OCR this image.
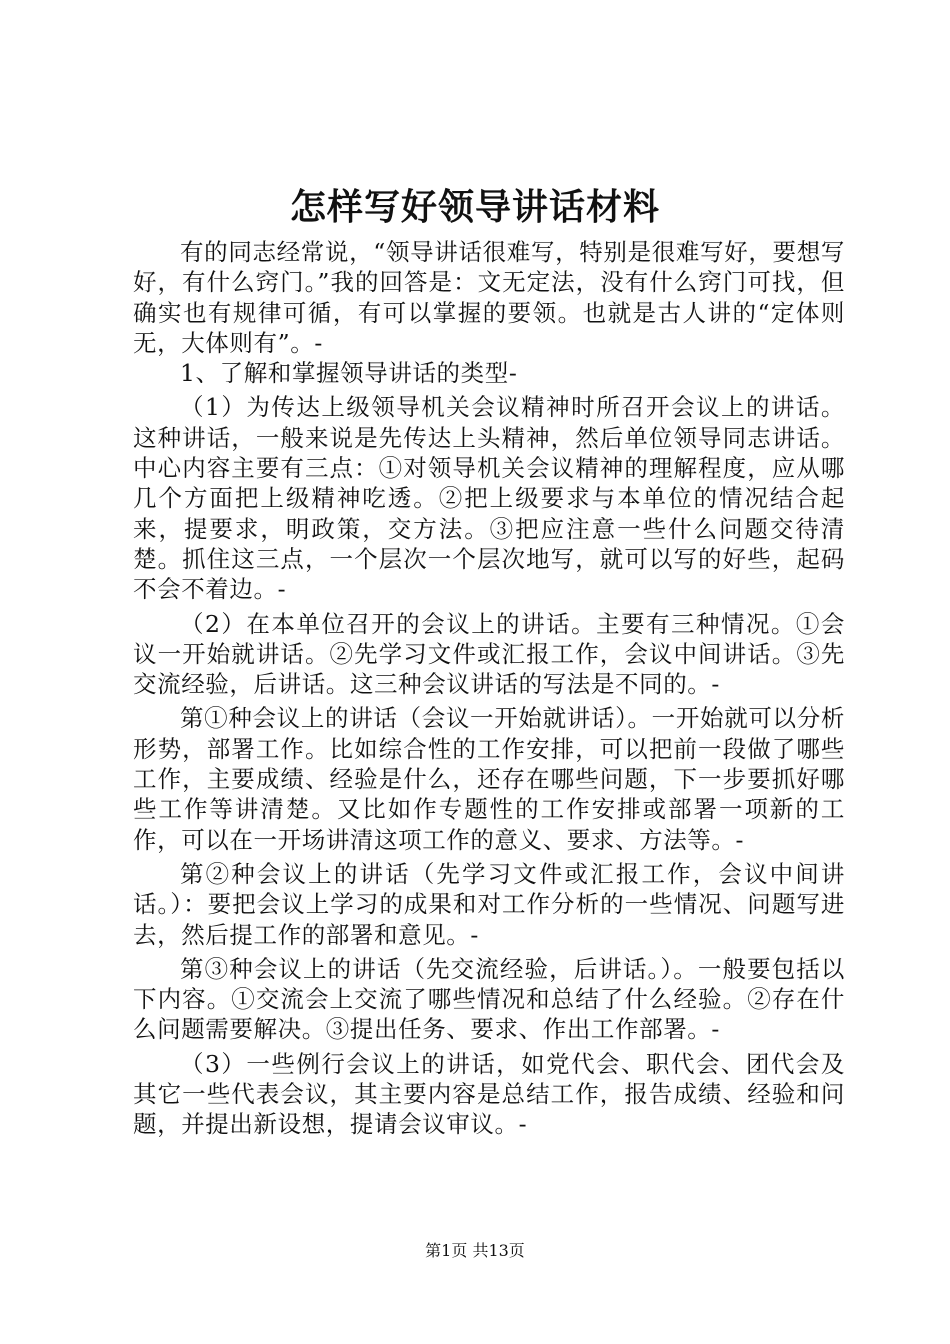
怎样写好领导讲话材料

有的同志经常说，“领导讲话很难写，特别是很难写好，要想写好，有什么窍门。”我的回答是：文无定法，没有什么窍门可找，但确实也有规律可循，有可以掌握的要领。也就是古人讲的“定体则无，大体则有”。-

1、了解和掌握领导讲话的类型-

（1）为传达上级领导机关会议精神时所召开会议上的讲话。这种讲话，一般来说是先传达上头精神，然后单位领导同志讲话。中心内容主要有三点：①对领导机关会议精神的理解程度，应从哪几个方面把上级精神吃透。②把上级要求与本单位的情况结合起来，提要求，明政策，交方法。③把应注意一些什么问题交待清楚。抓住这三点，一个层次一个层次地写，就可以写的好些，起码不会不着边。-

（2）在本单位召开的会议上的讲话。主要有三种情况。①会议一开始就讲话。②先学习文件或汇报工作，会议中间讲话。③先交流经验，后讲话。这三种会议讲话的写法是不同的。-

第①种会议上的讲话（会议一开始就讲话）。一开始就可以分析形势，部署工作。比如综合性的工作安排，可以把前一段做了哪些工作，主要成绩、经验是什么，还存在哪些问题，下一步要抓好哪些工作等讲清楚。又比如作专题性的工作安排或部署一项新的工作，可以在一开场讲清这项工作的意义、要求、方法等。-

第②种会议上的讲话（先学习文件或汇报工作，会议中间讲话。）：要把会议上学习的成果和对工作分析的一些情况、问题写进去，然后提工作的部署和意见。-

第③种会议上的讲话（先交流经验，后讲话。）。一般要包括以下内容。①交流会上交流了哪些情况和总结了什么经验。②存在什么问题需要解决。③提出任务、要求、作出工作部署。-

（3）一些例行会议上的讲话，如党代会、职代会、团代会及其它一些代表会议，其主要内容是总结工作，报告成绩、经验和问题，并提出新设想，提请会议审议。-

第1页 共13页
